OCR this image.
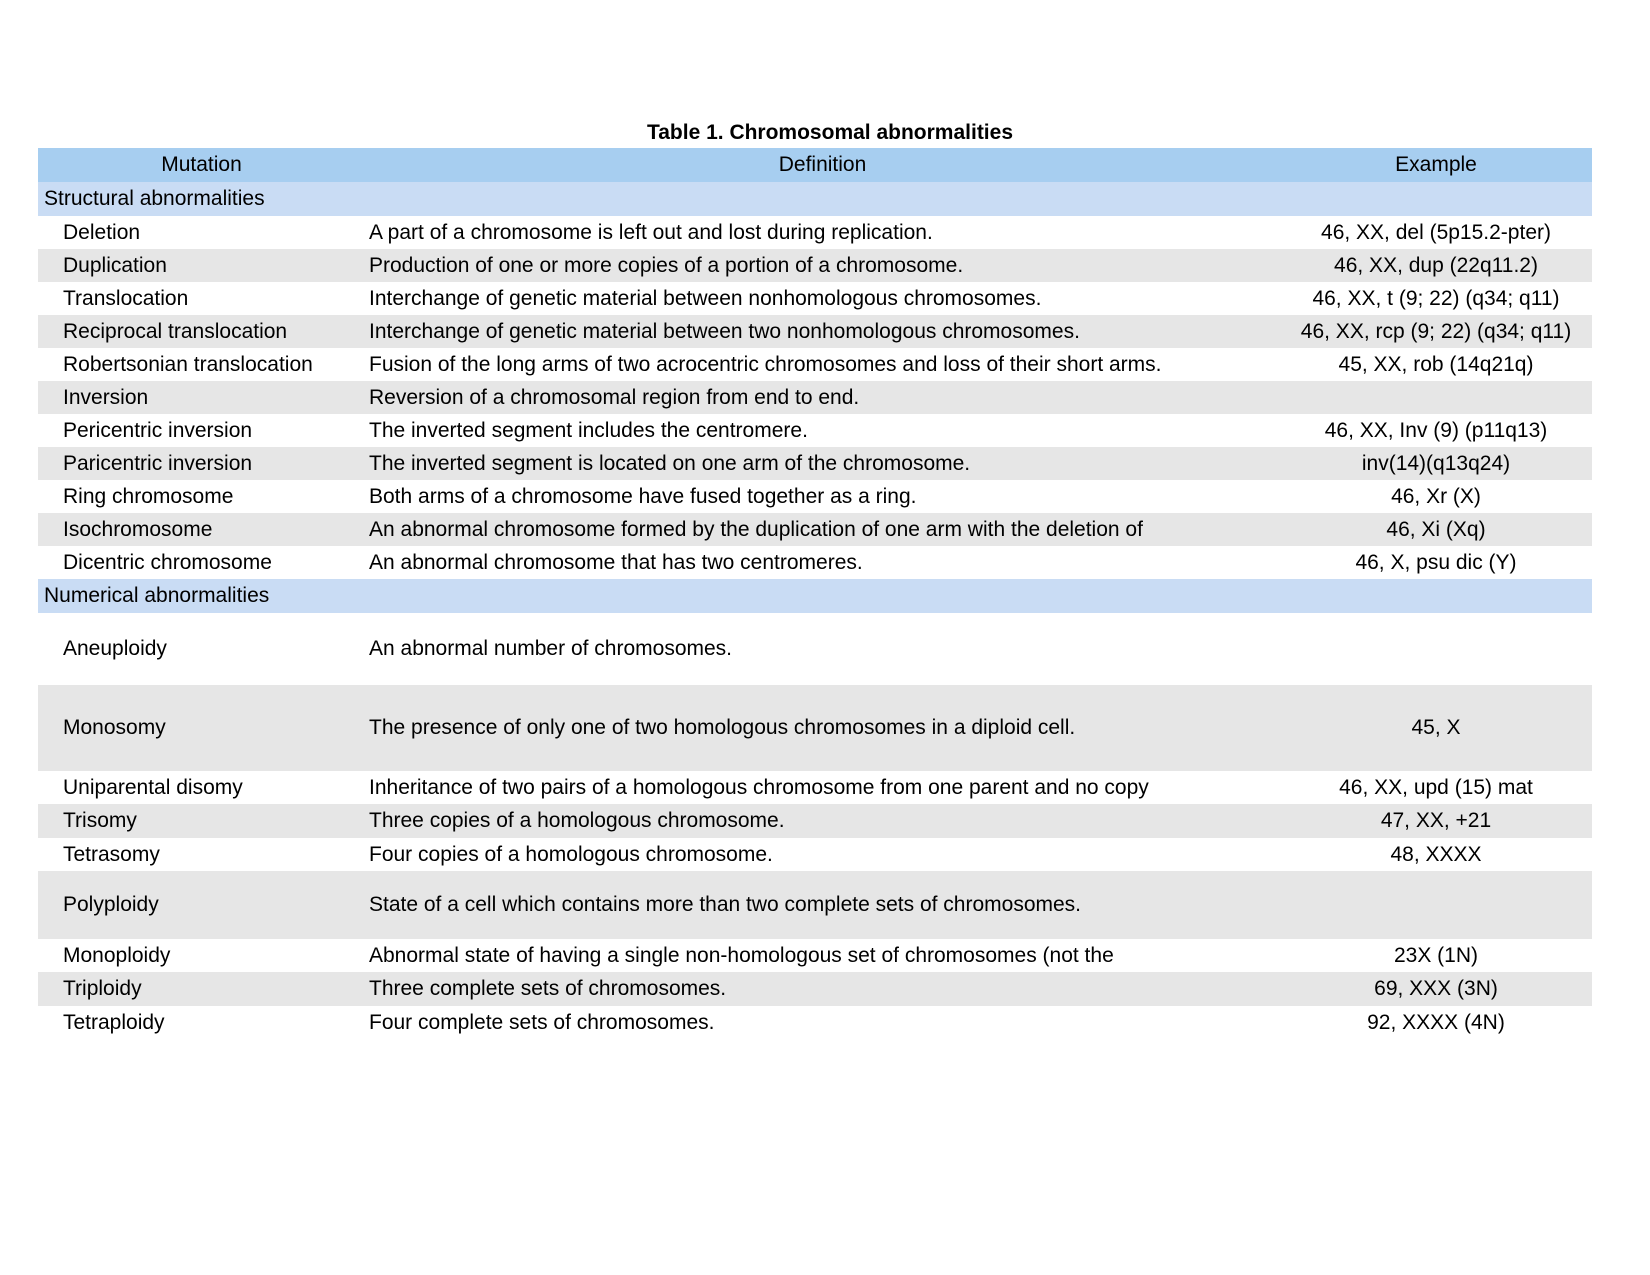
Table 1. Chromosomal abnormalities
Mutation	Definition	Example
Structural abnormalities
Deletion	A part of a chromosome is left out and lost during replication.	46, XX, del (5p15.2-pter)
Duplication	Production of one or more copies of a portion of a chromosome.	46, XX, dup (22q11.2)
Translocation	Interchange of genetic material between nonhomologous chromosomes.	46, XX, t (9; 22) (q34; q11)
Reciprocal translocation	Interchange of genetic material between two nonhomologous chromosomes.	46, XX, rcp (9; 22) (q34; q11)
Robertsonian translocation	Fusion of the long arms of two acrocentric chromosomes and loss of their short arms.	45, XX, rob (14q21q)
Inversion	Reversion of a chromosomal region from end to end.
Pericentric inversion	The inverted segment includes the centromere.	46, XX, Inv (9) (p11q13)
Paricentric inversion	The inverted segment is located on one arm of the chromosome.	inv(14)(q13q24)
Ring chromosome	Both arms of a chromosome have fused together as a ring.	46, Xr (X)
Isochromosome	An abnormal chromosome formed by the duplication of one arm with the deletion of	46, Xi (Xq)
Dicentric chromosome	An abnormal chromosome that has two centromeres.	46, X, psu dic (Y)
Numerical abnormalities
Aneuploidy	An abnormal number of chromosomes.
Monosomy	The presence of only one of two homologous chromosomes in a diploid cell.	45, X
Uniparental disomy	Inheritance of two pairs of a homologous chromosome from one parent and no copy	46, XX, upd (15) mat
Trisomy	Three copies of a homologous chromosome.	47, XX, +21
Tetrasomy	Four copies of a homologous chromosome.	48, XXXX
Polyploidy	State of a cell which contains more than two complete sets of chromosomes.
Monoploidy	Abnormal state of having a single non-homologous set of chromosomes (not the	23X (1N)
Triploidy	Three complete sets of chromosomes.	69, XXX (3N)
Tetraploidy	Four complete sets of chromosomes.	92, XXXX (4N)
